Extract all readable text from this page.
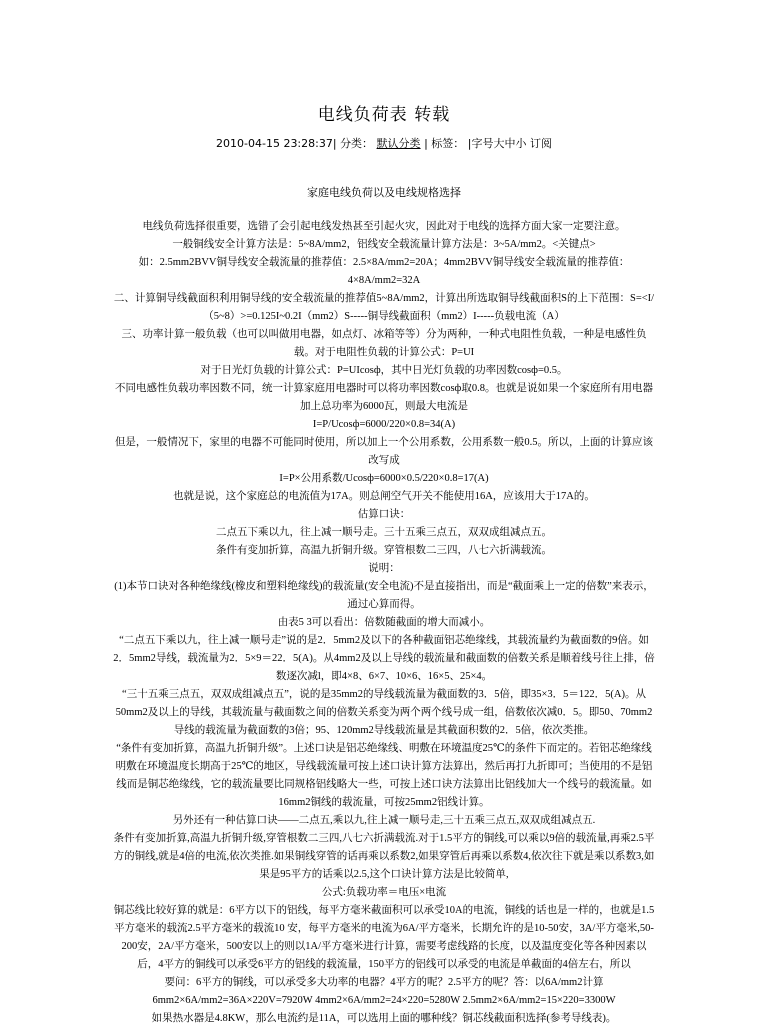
电线负荷表 转载
2010-04-15 23:28:37| 分类： 默认分类 | 标签： |字号大中小 订阅
家庭电线负荷以及电线规格选择

电线负荷选择很重要，选错了会引起电线发热甚至引起火灾，因此对于电线的选择方面大家一定要注意。

一般铜线安全计算方法是：5~8A/mm2，铝线安全载流量计算方法是：3~5A/mm2。<关键点>

如：2.5mm2BVV铜导线安全载流量的推荐值：2.5×8A/mm2=20A；4mm2BVV铜导线安全载流量的推荐值：4×8A/mm2=32A

二、计算铜导线截面积利用铜导线的安全载流量的推荐值5~8A/mm2，计算出所选取铜导线截面积S的上下范围：S=<I/（5~8）>=0.125I~0.2I（mm2）S-----铜导线截面积（mm2）I-----负载电流（A）

三、功率计算一般负载（也可以叫做用电器，如点灯、冰箱等等）分为两种，一种式电阻性负载，一种是电感性负载。对于电阻性负载的计算公式：P=UI

对于日光灯负载的计算公式：P=UIcosф，其中日光灯负载的功率因数cosф=0.5。

不同电感性负载功率因数不同，统一计算家庭用电器时可以将功率因数cosф取0.8。也就是说如果一个家庭所有用电器加上总功率为6000瓦，则最大电流是

I=P/Ucosф=6000/220×0.8=34(A)

但是，一般情况下，家里的电器不可能同时使用，所以加上一个公用系数，公用系数一般0.5。所以，上面的计算应该改写成

I=P×公用系数/Ucosф=6000×0.5/220×0.8=17(A)

也就是说，这个家庭总的电流值为17A。则总闸空气开关不能使用16A，应该用大于17A的。

估算口诀：

二点五下乘以九，往上减一顺号走。三十五乘三点五，双双成组减点五。

条件有变加折算，高温九折铜升级。穿管根数二三四，八七六折满载流。

说明：

(1)本节口诀对各种绝缘线(橡皮和塑料绝缘线)的载流量(安全电流)不是直接指出，而是“截面乘上一定的倍数”来表示，通过心算而得。

由表5 3可以看出：倍数随截面的增大而减小。

“二点五下乘以九，往上减一顺号走”说的是2．5mm2及以下的各种截面铝芯绝缘线，其载流量约为截面数的9倍。如2．5mm2导线，载流量为2．5×9＝22．5(A)。从4mm2及以上导线的载流量和截面数的倍数关系是顺着线号往上排，倍数逐次减l，即4×8、6×7、10×6、16×5、25×4。

“三十五乘三点五，双双成组减点五”，说的是35mm2的导线载流量为截面数的3．5倍，即35×3．5＝122．5(A)。从50mm2及以上的导线，其载流量与截面数之间的倍数关系变为两个两个线号成一组，倍数依次减0．5。即50、70mm2导线的载流量为截面数的3倍；95、120mm2导线载流量是其截面积数的2．5倍，依次类推。

“条件有变加折算，高温九折铜升级”。上述口诀是铝芯绝缘线、明敷在环境温度25℃的条件下而定的。若铝芯绝缘线明敷在环境温度长期高于25℃的地区，导线载流量可按上述口诀计算方法算出，然后再打九折即可；当使用的不是铝线而是铜芯绝缘线，它的载流量要比同规格铝线略大一些，可按上述口诀方法算出比铝线加大一个线号的载流量。如16mm2铜线的载流量，可按25mm2铝线计算。

另外还有一种估算口诀——二点五,乘以九,往上减一顺号走,三十五乘三点五,双双成组减点五.

条件有变加折算,高温九折铜升级,穿管根数二三四,八七六折满载流.对于1.5平方的铜线,可以乘以9倍的载流量,再乘2.5平方的铜线,就是4倍的电流,依次类推.如果铜线穿管的话再乘以系数2,如果穿管后再乘以系数4,依次往下就是乘以系数3,如果是95平方的话乘以2.5,这个口诀计算方法是比较简单,

公式:负载功率＝电压×电流

铜芯线比较好算的就是：6平方以下的铝线，每平方毫米截面积可以承受10A的电流，铜线的话也是一样的，也就是1.5平方毫米的载流2.5平方毫米的载流10 安，每平方毫米的电流为6A/平方毫米，长期允许的是10-50安，3A/平方毫米,50-200安，2A/平方毫米，500安以上的则以1A/平方毫米进行计算，需要考虑线路的长度，以及温度变化等各种因素以后，4平方的铜线可以承受6平方的铝线的载流量，150平方的铝线可以承受的电流是单截面的4倍左右，所以

要问：6平方的铜线，可以承受多大功率的电器？4平方的呢？2.5平方的呢？答：以6A/mm2计算

6mm2×6A/mm2=36A×220V=7920W 4mm2×6A/mm2=24×220=5280W 2.5mm2×6A/mm2=15×220=3300W

如果热水器是4.8KW，那么电流约是11A，可以选用上面的哪种线？铜芯线截面积选择(参考导线表)。
